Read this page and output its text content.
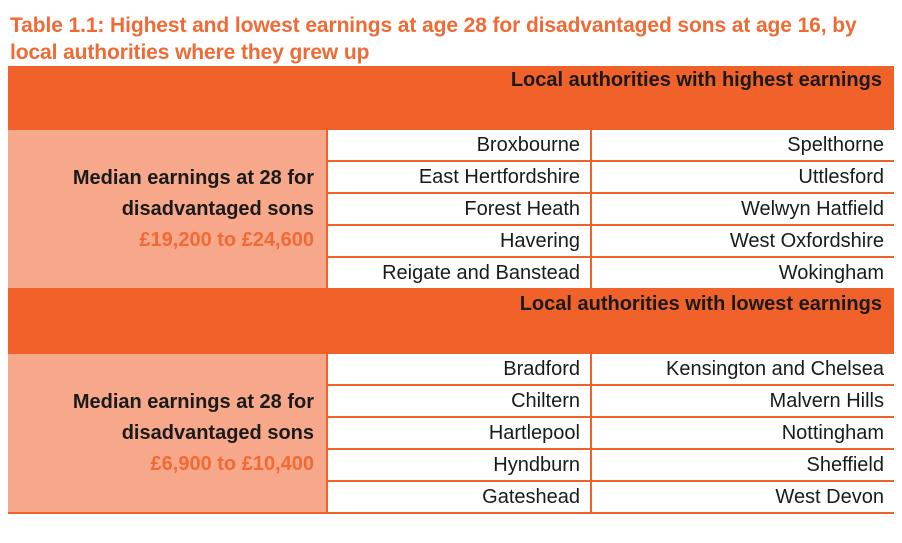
Table 1.1: Highest and lowest earnings at age 28 for disadvantaged sons at age 16, by local authorities where they grew up
Local authorities with highest earnings
Median earnings at 28 for
disadvantaged sons
£19,200 to £24,600
Broxbourne	Spelthorne
East Hertfordshire	Uttlesford
Forest Heath	Welwyn Hatfield
Havering	West Oxfordshire
Reigate and Banstead	Wokingham
Local authorities with lowest earnings
Median earnings at 28 for
disadvantaged sons
£6,900 to £10,400
Bradford	Kensington and Chelsea
Chiltern	Malvern Hills
Hartlepool	Nottingham
Hyndburn	Sheffield
Gateshead	West Devon
